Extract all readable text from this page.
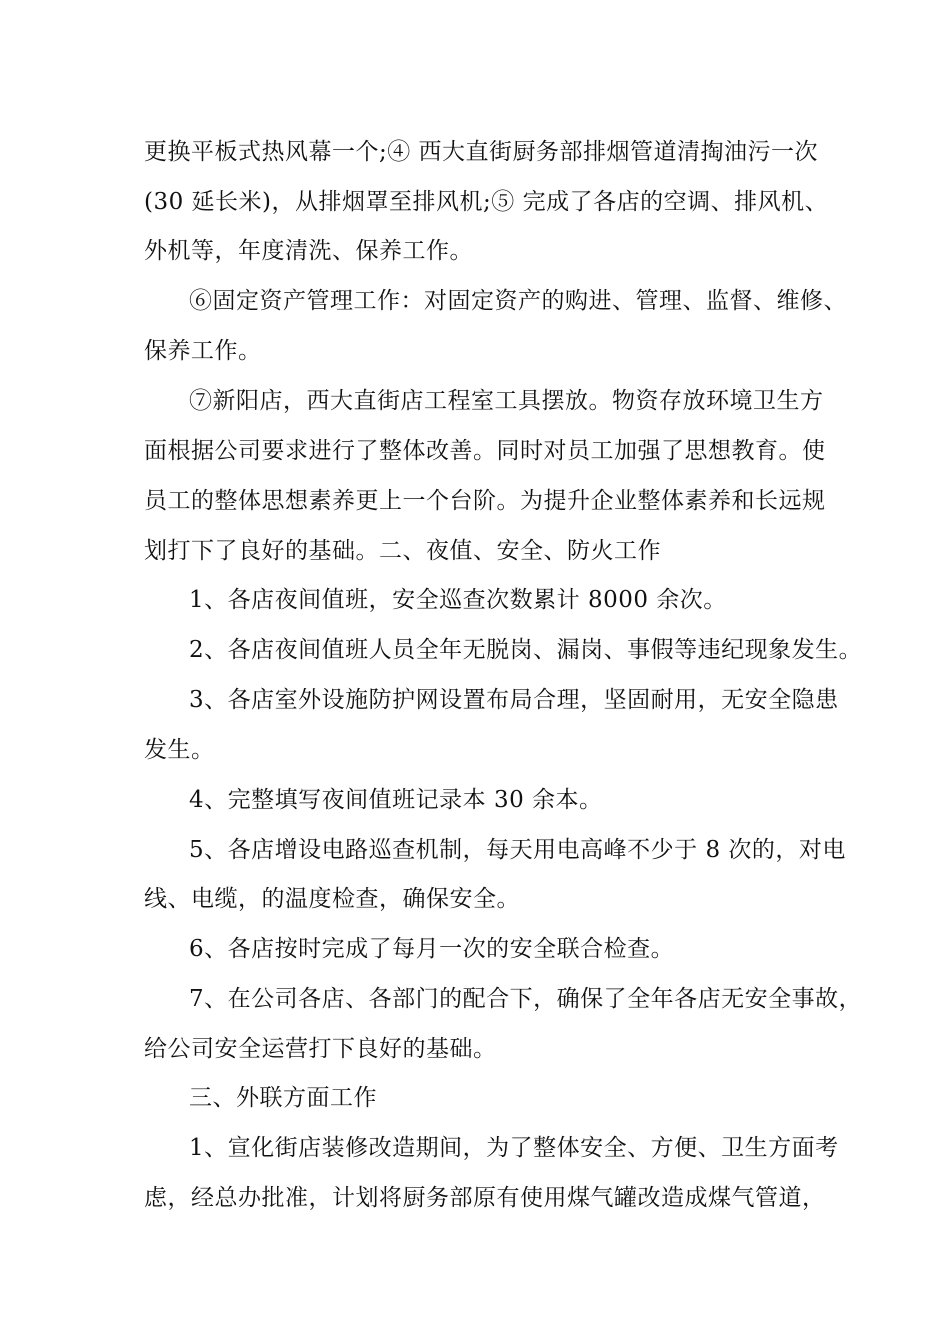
更换平板式热风幕一个;④ 西大直街厨务部排烟管道清掏油污一次
(30 延长米)，从排烟罩至排风机;⑤ 完成了各店的空调、排风机、
外机等，年度清洗、保养工作。
⑥固定资产管理工作：对固定资产的购进、管理、监督、维修、
保养工作。
⑦新阳店，西大直街店工程室工具摆放。物资存放环境卫生方
面根据公司要求进行了整体改善。同时对员工加强了思想教育。使
员工的整体思想素养更上一个台阶。为提升企业整体素养和长远规
划打下了良好的基础。二、夜值、安全、防火工作
1、各店夜间值班，安全巡查次数累计 8000 余次。
2、各店夜间值班人员全年无脱岗、漏岗、事假等违纪现象发生。
3、各店室外设施防护网设置布局合理，坚固耐用，无安全隐患
发生。
4、完整填写夜间值班记录本 30 余本。
5、各店增设电路巡查机制，每天用电高峰不少于 8 次的，对电
线、电缆，的温度检查，确保安全。
6、各店按时完成了每月一次的安全联合检查。
7、在公司各店、各部门的配合下，确保了全年各店无安全事故，
给公司安全运营打下良好的基础。
三、外联方面工作
1、宣化街店装修改造期间，为了整体安全、方便、卫生方面考
虑，经总办批准，计划将厨务部原有使用煤气罐改造成煤气管道，
